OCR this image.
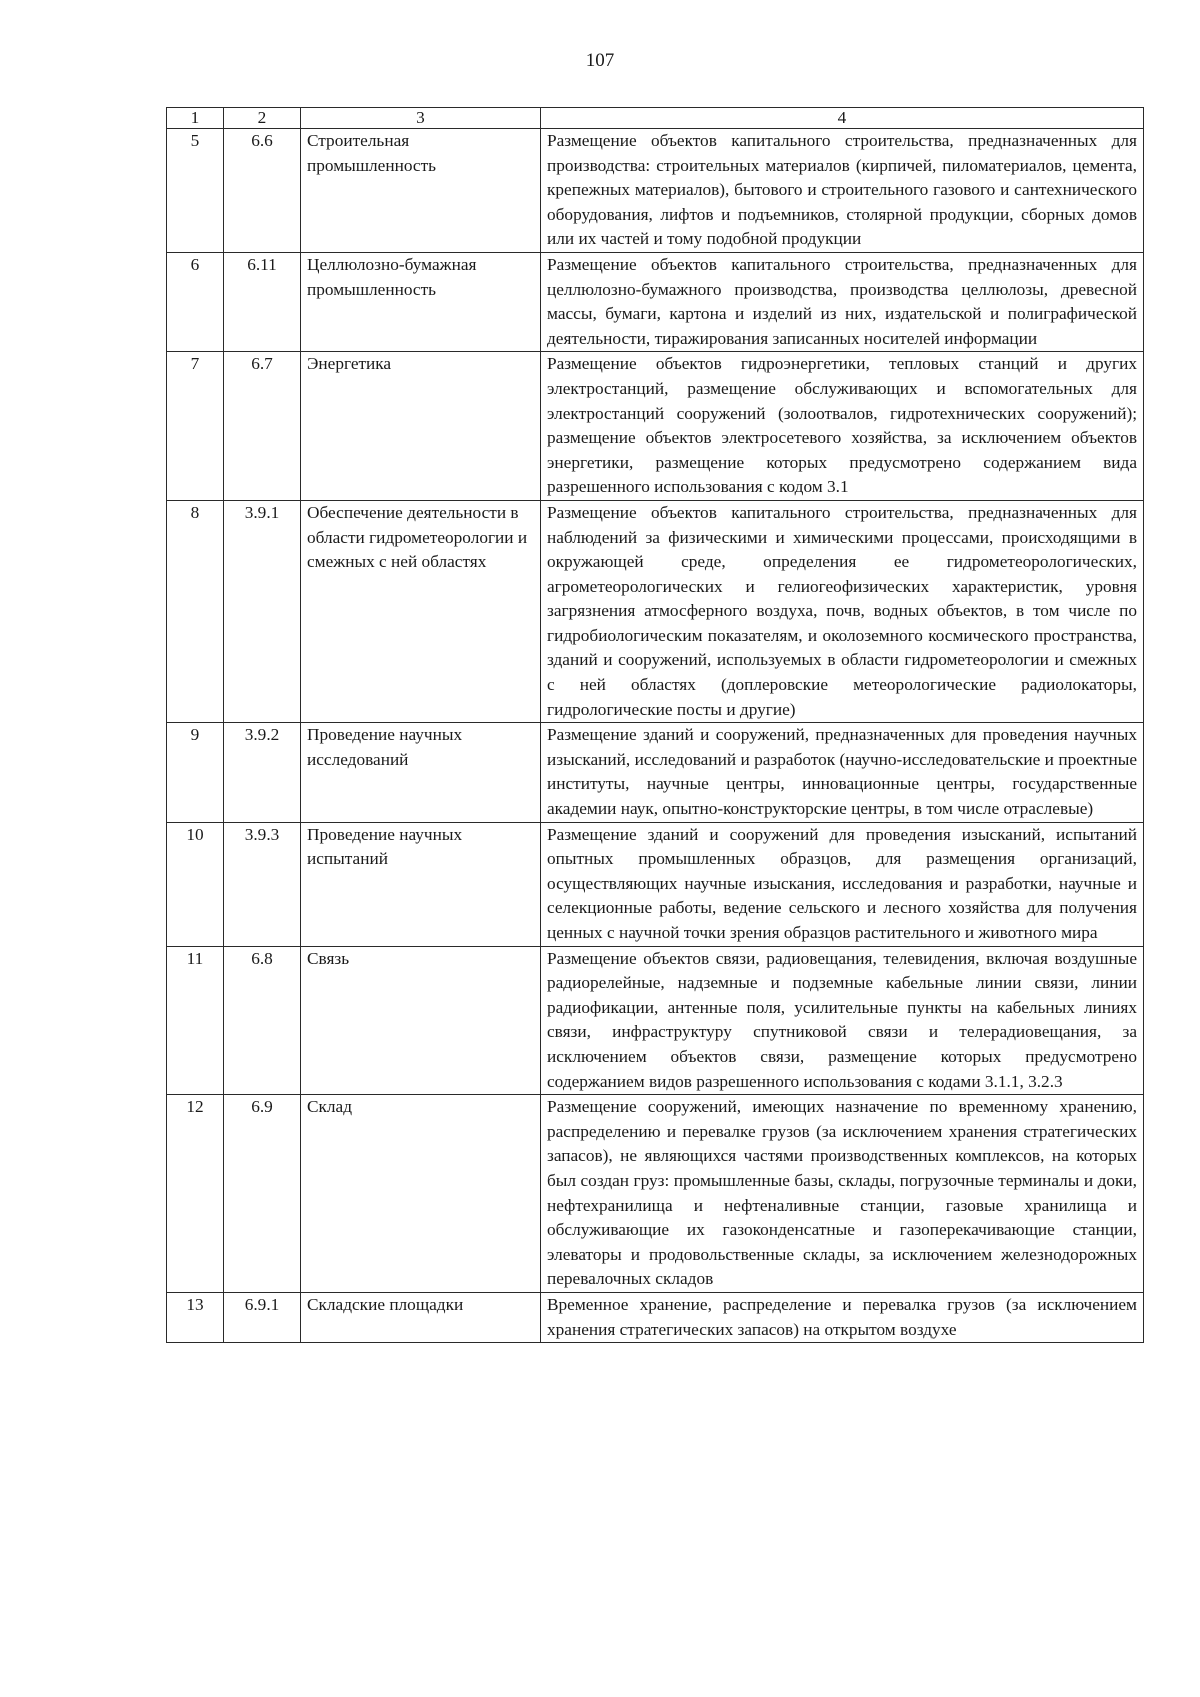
107
1	2	3	4
5	6.6	Строительная промышленность	Размещение объектов капитального строительства, предназначенных для производства: строительных материалов (кирпичей, пиломатериалов, цемента, крепежных материалов), бытового и строительного газового и сантехнического оборудования, лифтов и подъемников, столярной продукции, сборных домов или их частей и тому подобной продукции
6	6.11	Целлюлозно-бумажная промышленность	Размещение объектов капитального строительства, предназначенных для целлюлозно-бумажного производства, производства целлюлозы, древесной массы, бумаги, картона и изделий из них, издательской и полиграфической деятельности, тиражирования записанных носителей информации
7	6.7	Энергетика	Размещение объектов гидроэнергетики, тепловых станций и других электростанций, размещение обслуживающих и вспомогательных для электростанций сооружений (золоотвалов, гидротехнических сооружений); размещение объектов электросетевого хозяйства, за исключением объектов энергетики, размещение которых предусмотрено содержанием вида разрешенного использования с кодом 3.1
8	3.9.1	Обеспечение деятельности в области гидрометеорологии и смежных с ней областях	Размещение объектов капитального строительства, предназначенных для наблюдений за физическими и химическими процессами, происходящими в окружающей среде, определения ее гидрометеорологических, агрометеорологических и гелиогеофизических характеристик, уровня загрязнения атмосферного воздуха, почв, водных объектов, в том числе по гидробиологическим показателям, и околоземного космического пространства, зданий и сооружений, используемых в области гидрометеорологии и смежных с ней областях (доплеровские метеорологические радиолокаторы, гидрологические посты и другие)
9	3.9.2	Проведение научных исследований	Размещение зданий и сооружений, предназначенных для проведения научных изысканий, исследований и разработок (научно-исследовательские и проектные институты, научные центры, инновационные центры, государственные академии наук, опытно-конструкторские центры, в том числе отраслевые)
10	3.9.3	Проведение научных испытаний	Размещение зданий и сооружений для проведения изысканий, испытаний опытных промышленных образцов, для размещения организаций, осуществляющих научные изыскания, исследования и разработки, научные и селекционные работы, ведение сельского и лесного хозяйства для получения ценных с научной точки зрения образцов растительного и животного мира
11	6.8	Связь	Размещение объектов связи, радиовещания, телевидения, включая воздушные радиорелейные, надземные и подземные кабельные линии связи, линии радиофикации, антенные поля, усилительные пункты на кабельных линиях связи, инфраструктуру спутниковой связи и телерадиовещания, за исключением объектов связи, размещение которых предусмотрено содержанием видов разрешенного использования с кодами 3.1.1, 3.2.3
12	6.9	Склад	Размещение сооружений, имеющих назначение по временному хранению, распределению и перевалке грузов (за исключением хранения стратегических запасов), не являющихся частями производственных комплексов, на которых был создан груз: промышленные базы, склады, погрузочные терминалы и доки, нефтехранилища и нефтеналивные станции, газовые хранилища и обслуживающие их газоконденсатные и газоперекачивающие станции, элеваторы и продовольственные склады, за исключением железнодорожных перевалочных складов
13	6.9.1	Складские площадки	Временное хранение, распределение и перевалка грузов (за исключением хранения стратегических запасов) на открытом воздухе
